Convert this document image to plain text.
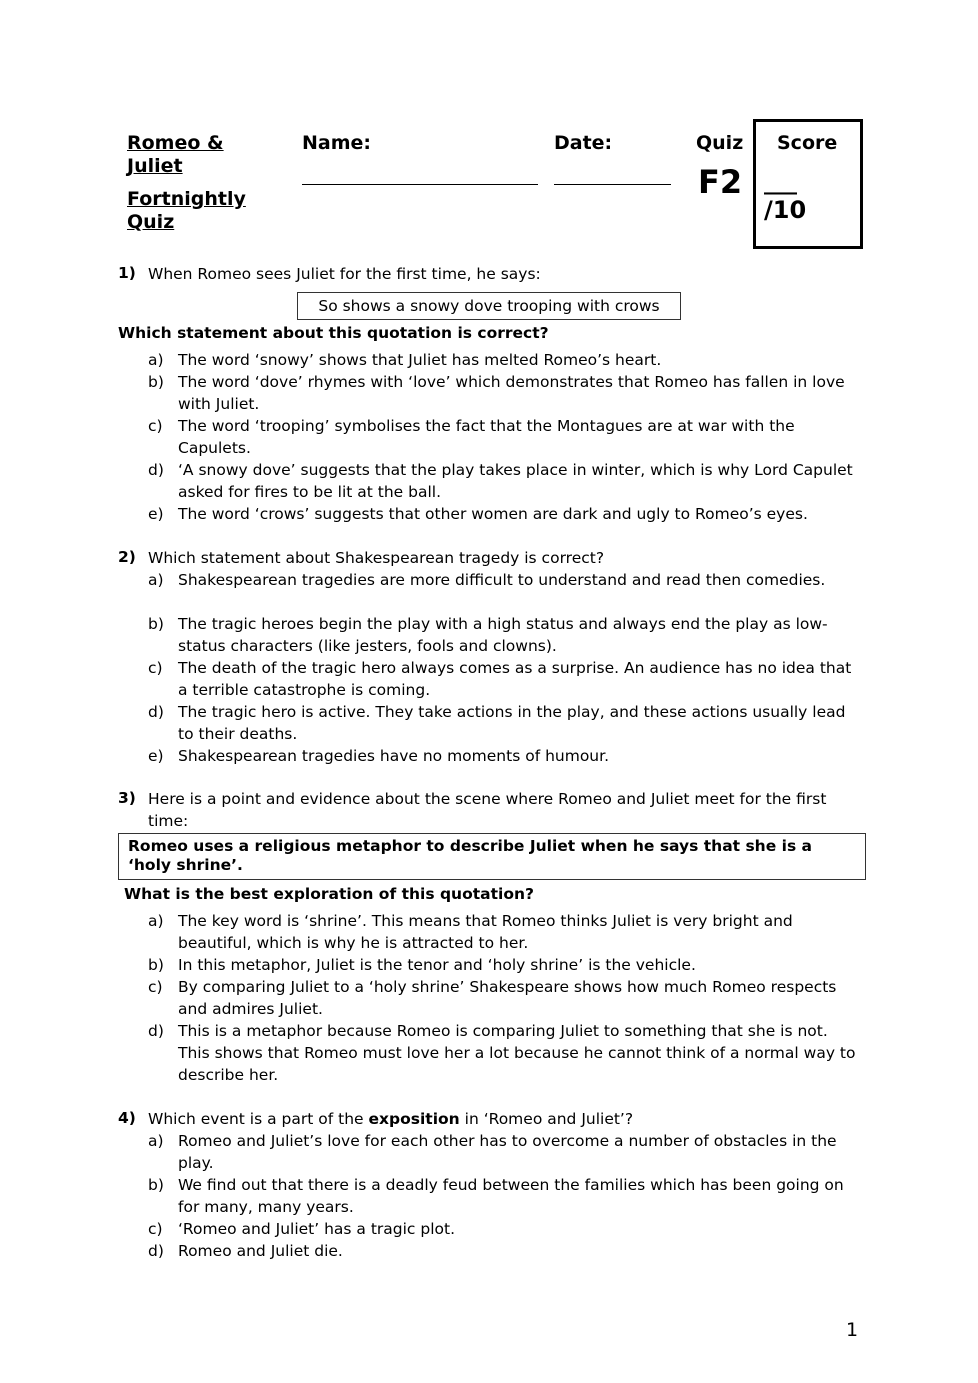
Romeo &
Juliet
Fortnightly
Quiz
Name:	Date:	Quiz
F2
Score
___
/10
1) When Romeo sees Juliet for the first time, he says:
So shows a snowy dove trooping with crows
Which statement about this quotation is correct?
a) The word ‘snowy’ shows that Juliet has melted Romeo’s heart.
b) The word ‘dove’ rhymes with ‘love’ which demonstrates that Romeo has fallen in love with Juliet.
c) The word ‘trooping’ symbolises the fact that the Montagues are at war with the Capulets.
d) ‘A snowy dove’ suggests that the play takes place in winter, which is why Lord Capulet asked for fires to be lit at the ball.
e) The word ‘crows’ suggests that other women are dark and ugly to Romeo’s eyes.
2) Which statement about Shakespearean tragedy is correct?
a) Shakespearean tragedies are more difficult to understand and read then comedies.
b) The tragic heroes begin the play with a high status and always end the play as low-status characters (like jesters, fools and clowns).
c) The death of the tragic hero always comes as a surprise. An audience has no idea that a terrible catastrophe is coming.
d) The tragic hero is active. They take actions in the play, and these actions usually lead to their deaths.
e) Shakespearean tragedies have no moments of humour.
3) Here is a point and evidence about the scene where Romeo and Juliet meet for the first time:
Romeo uses a religious metaphor to describe Juliet when he says that she is a ‘holy shrine’.
What is the best exploration of this quotation?
a) The key word is ‘shrine’. This means that Romeo thinks Juliet is very bright and beautiful, which is why he is attracted to her.
b) In this metaphor, Juliet is the tenor and ‘holy shrine’ is the vehicle.
c) By comparing Juliet to a ‘holy shrine’ Shakespeare shows how much Romeo respects and admires Juliet.
d) This is a metaphor because Romeo is comparing Juliet to something that she is not. This shows that Romeo must love her a lot because he cannot think of a normal way to describe her.
4) Which event is a part of the exposition in ‘Romeo and Juliet’?
a) Romeo and Juliet’s love for each other has to overcome a number of obstacles in the play.
b) We find out that there is a deadly feud between the families which has been going on for many, many years.
c) ‘Romeo and Juliet’ has a tragic plot.
d) Romeo and Juliet die.
1
